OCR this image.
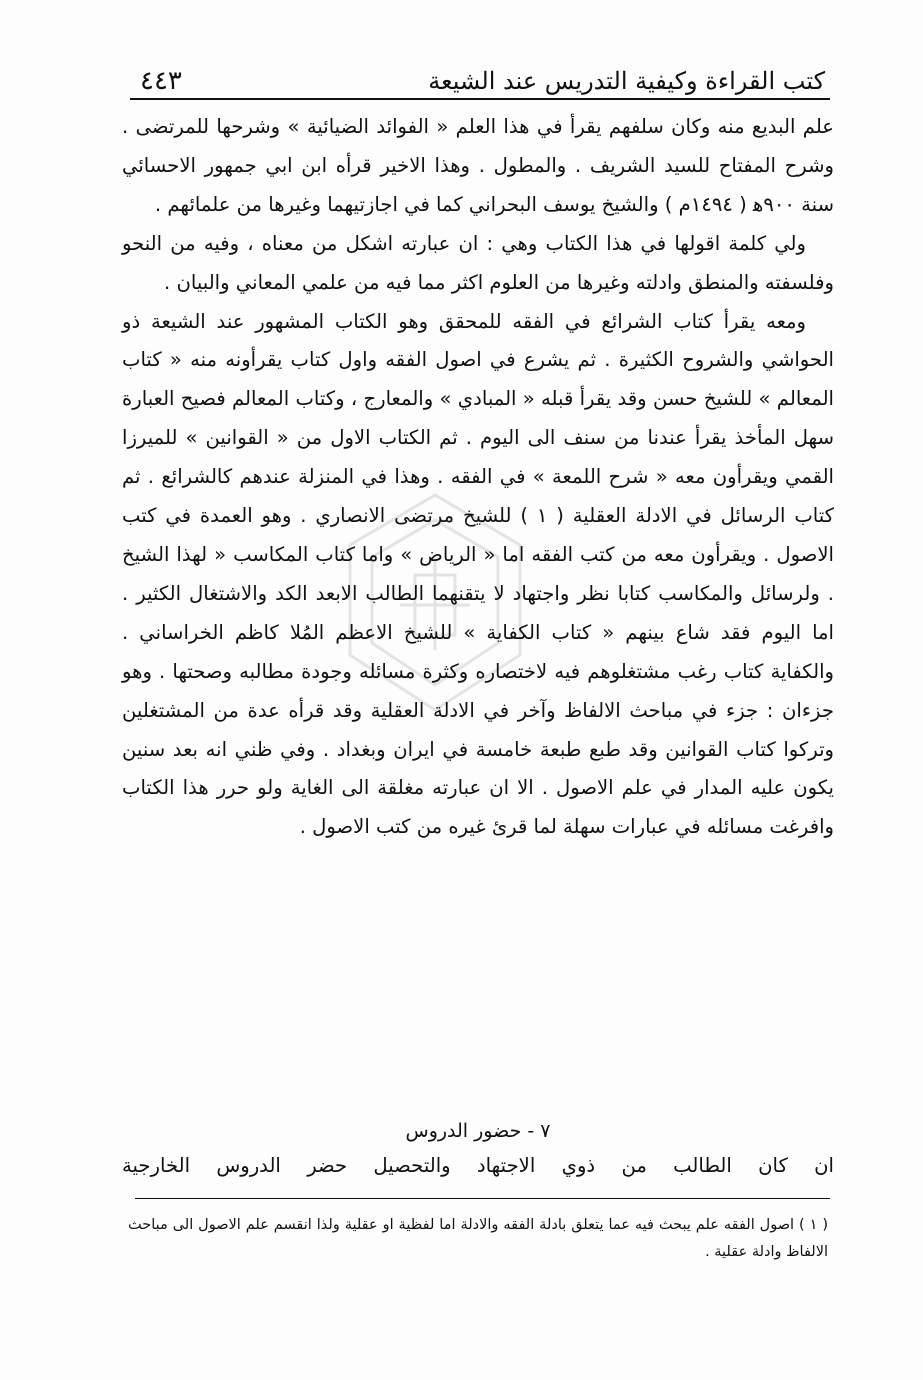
كتب القراءة وكيفية التدريس عند الشيعة
٤٤٣

علم البديع منه وكان سلفهم يقرأ في هذا العلم « الفوائد الضيائية » وشرحها للمرتضى . وشرح المفتاح للسيد الشريف . والمطول . وهذا الاخير قرأه ابن ابي جمهور الاحسائي سنة ٩٠٠ﻫ ( ١٤٩٤م ) والشيخ يوسف البحراني كما في اجازتيهما وغيرها من علمائهم .

ولي كلمة اقولها في هذا الكتاب وهي : ان عبارته اشكل من معناه ، وفيه من النحو وفلسفته والمنطق وادلته وغيرها من العلوم اكثر مما فيه من علمي المعاني والبيان .

ومعه يقرأ كتاب الشرائع في الفقه للمحقق وهو الكتاب المشهور عند الشيعة ذو الحواشي والشروح الكثيرة . ثم يشرع في اصول الفقه واول كتاب يقرأونه منه « كتاب المعالم » للشيخ حسن وقد يقرأ قبله « المبادي » والمعارج ، وكتاب المعالم فصيح العبارة سهل المأخذ يقرأ عندنا من سنف الى اليوم . ثم الكتاب الاول من « القوانين » للميرزا القمي ويقرأون معه « شرح اللمعة » في الفقه . وهذا في المنزلة عندهم كالشرائع . ثم كتاب الرسائل في الادلة العقلية ( ١ ) للشيخ مرتضى الانصاري . وهو العمدة في كتب الاصول . ويقرأون معه من كتب الفقه اما « الرياض » واما كتاب المكاسب « لهذا الشيخ . ولرسائل والمكاسب كتابا نظر واجتهاد لا يتقنهما الطالب الابعد الكد والاشتغال الكثير . اما اليوم فقد شاع بينهم « كتاب الكفاية » للشيخ الاعظم المُلا كاظم الخراساني . والكفاية كتاب رغب مشتغلوهم فيه لاختصاره وكثرة مسائله وجودة مطالبه وصحتها . وهو جزءان : جزء في مباحث الالفاظ وآخر في الادلة العقلية وقد قرأه عدة من المشتغلين وتركوا كتاب القوانين وقد طبع طبعة خامسة في ايران وبغداد . وفي ظني انه بعد سنين يكون عليه المدار في علم الاصول . الا ان عبارته مغلقة الى الغاية ولو حرر هذا الكتاب وافرغت مسائله في عبارات سهلة لما قرئ غيره من كتب الاصول .

٧ - حضور الدروس
ان كان الطالب من ذوي الاجتهاد والتحصيل حضر الدروس الخارجية

( ١ ) اصول الفقه علم يبحث فيه عما يتعلق بادلة الفقه والادلة اما لفظية او عقلية ولذا انقسم علم الاصول الى مباحث الالفاظ وادلة عقلية .
